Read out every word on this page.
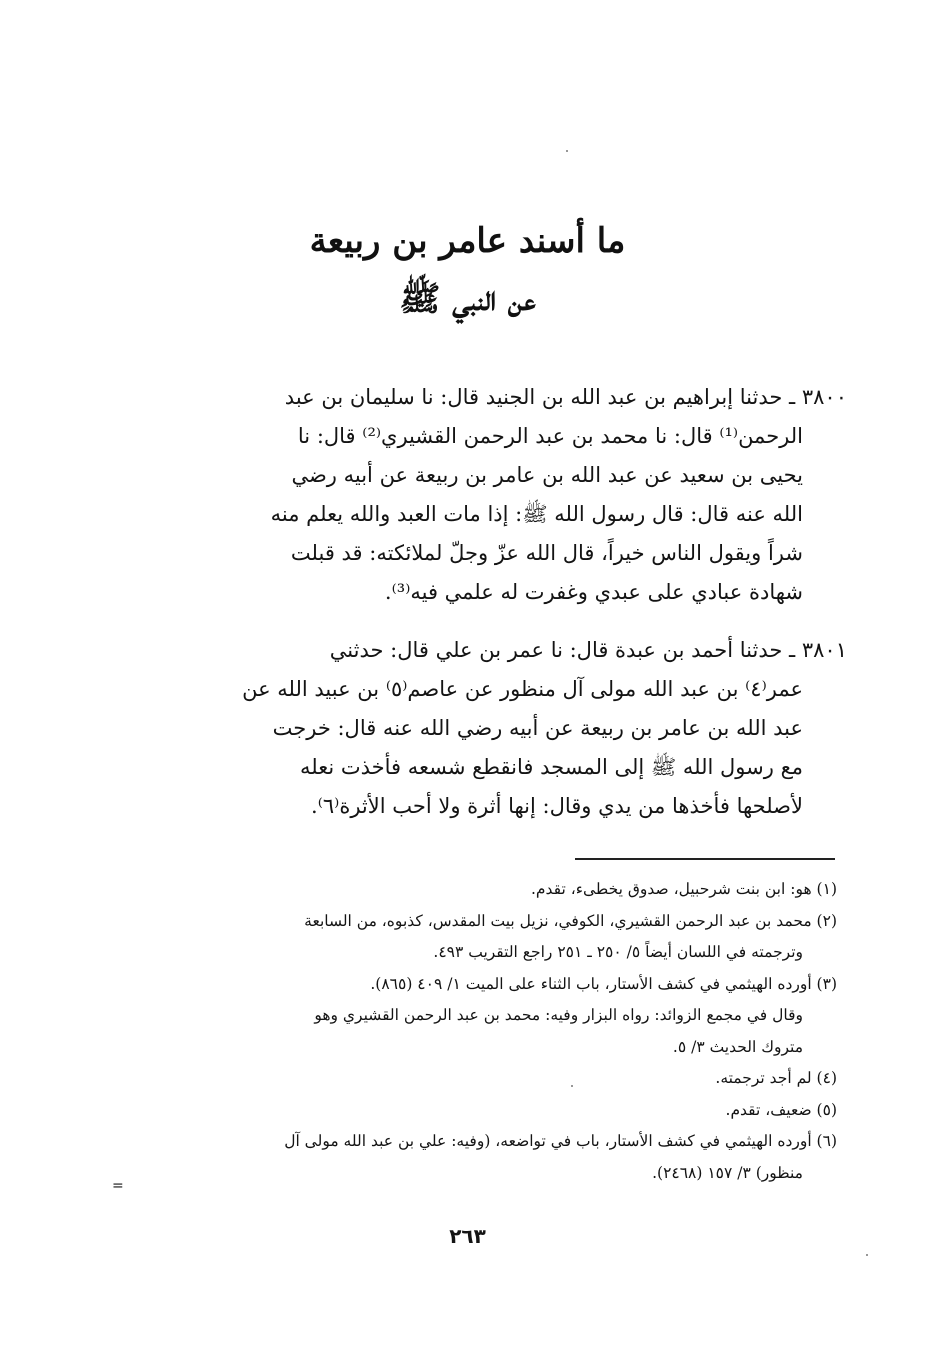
ما أسند عامر بن ربيعة
عن النبي ﷺ
٣٨٠٠ ـ حدثنا إبراهيم بن عبد الله بن الجنيد قال: نا سليمان بن عبد
الرحمن⁽¹⁾ قال: نا محمد بن عبد الرحمن القشيري⁽²⁾ قال: نا
يحيى بن سعيد عن عبد الله بن عامر بن ربيعة عن أبيه رضي
الله عنه قال: قال رسول الله ﷺ: إذا مات العبد والله يعلم منه
شراً ويقول الناس خيراً، قال الله عزّ وجلّ لملائكته: قد قبلت
شهادة عبادي على عبدي وغفرت له علمي فيه⁽³⁾.
٣٨٠١ ـ حدثنا أحمد بن عبدة قال: نا عمر بن علي قال: حدثني
عمر⁽٤⁾ بن عبد الله مولى آل منظور عن عاصم⁽٥⁾ بن عبيد الله عن
عبد الله بن عامر بن ربيعة عن أبيه رضي الله عنه قال: خرجت
مع رسول الله ﷺ إلى المسجد فانقطع شسعه فأخذت نعله
لأصلحها فأخذها من يدي وقال: إنها أثرة ولا أحب الأثرة⁽٦⁾.
(١) هو: ابن بنت شرحبيل، صدوق يخطىء، تقدم.
(٢) محمد بن عبد الرحمن القشيري، الكوفي، نزيل بيت المقدس، كذبوه، من السابعة
وترجمته في اللسان أيضاً ٥/ ٢٥٠ ـ ٢٥١ راجع التقريب ٤٩٣.
(٣) أورده الهيثمي في كشف الأستار، باب الثناء على الميت ١/ ٤٠٩ (٨٦٥).
وقال في مجمع الزوائد: رواه البزار وفيه: محمد بن عبد الرحمن القشيري وهو
متروك الحديث ٣/ ٥.
(٤) لم أجد ترجمته.
(٥) ضعيف، تقدم.
(٦) أورده الهيثمي في كشف الأستار، باب في تواضعه، (وفيه: علي بن عبد الله مولى آل
منظور) ٣/ ١٥٧ (٢٤٦٨).
=
٢٦٣
